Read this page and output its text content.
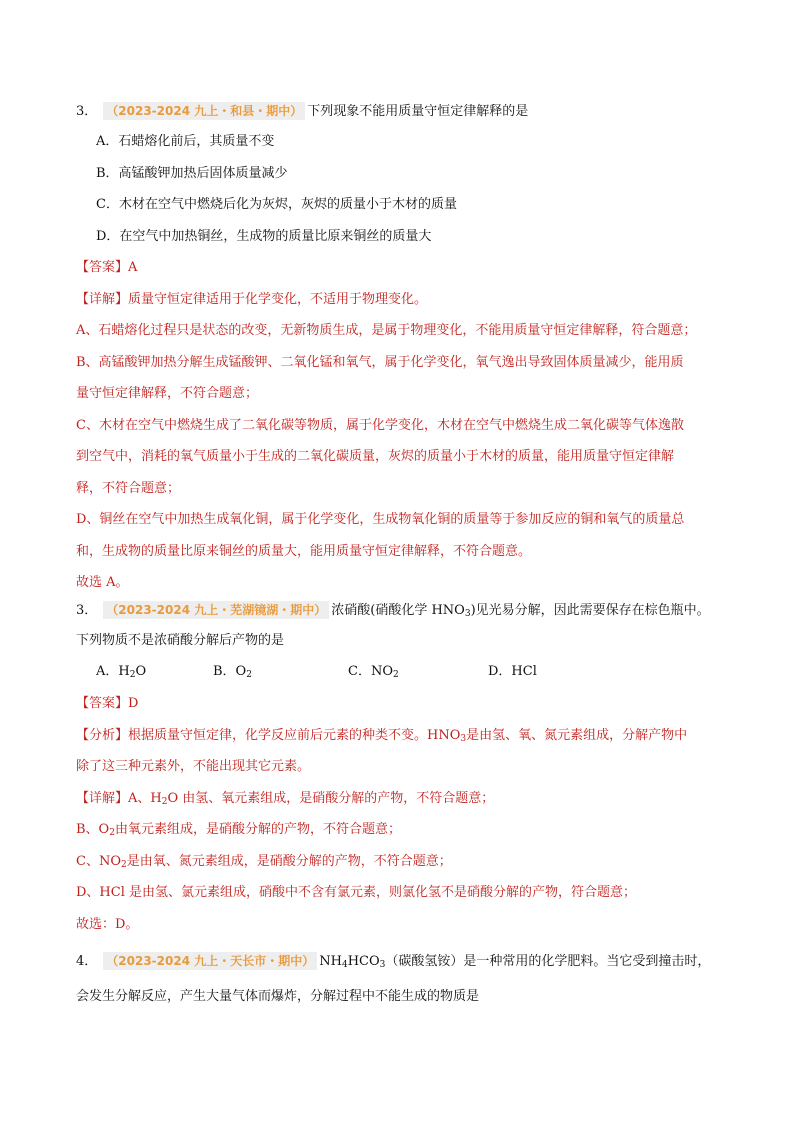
3． （2023-2024 九上・和县・期中） 下列现象不能用质量守恒定律解释的是
A．石蜡熔化前后，其质量不变
B．高锰酸钾加热后固体质量减少
C．木材在空气中燃烧后化为灰烬，灰烬的质量小于木材的质量
D．在空气中加热铜丝，生成物的质量比原来铜丝的质量大
【答案】A
【详解】质量守恒定律适用于化学变化，不适用于物理变化。
A、石蜡熔化过程只是状态的改变，无新物质生成，是属于物理变化，不能用质量守恒定律解释，符合题意；
B、高锰酸钾加热分解生成锰酸钾、二氧化锰和氧气，属于化学变化，氧气逸出导致固体质量减少，能用质
量守恒定律解释，不符合题意；
C、木材在空气中燃烧生成了二氧化碳等物质，属于化学变化，木材在空气中燃烧生成二氧化碳等气体逸散
到空气中，消耗的氧气质量小于生成的二氧化碳质量，灰烬的质量小于木材的质量，能用质量守恒定律解
释，不符合题意；
D、铜丝在空气中加热生成氧化铜，属于化学变化，生成物氧化铜的质量等于参加反应的铜和氧气的质量总
和，生成物的质量比原来铜丝的质量大，能用质量守恒定律解释，不符合题意。
故选 A。
3． （2023-2024 九上・芜湖镜湖・期中） 浓硝酸(硝酸化学 $HNO_3$)见光易分解，因此需要保存在棕色瓶中。
下列物质不是浓硝酸分解后产物的是
A．$H_2O$	B．$O_2$	C．$NO_2$	D．HCl
【答案】D
【分析】根据质量守恒定律，化学反应前后元素的种类不变。$HNO_3$是由氢、氧、氮元素组成，分解产物中
除了这三种元素外，不能出现其它元素。
【详解】A、$H_2O$ 由氢、氧元素组成，是硝酸分解的产物，不符合题意；
B、$O_2$由氧元素组成，是硝酸分解的产物，不符合题意；
C、$NO_2$是由氧、氮元素组成，是硝酸分解的产物，不符合题意；
D、HCl 是由氢、氯元素组成，硝酸中不含有氯元素，则氯化氢不是硝酸分解的产物，符合题意；
故选：D。
4． （2023-2024 九上・天长市・期中） $NH_4HCO_3$（碳酸氢铵）是一种常用的化学肥料。当它受到撞击时，
会发生分解反应，产生大量气体而爆炸，分解过程中不能生成的物质是
